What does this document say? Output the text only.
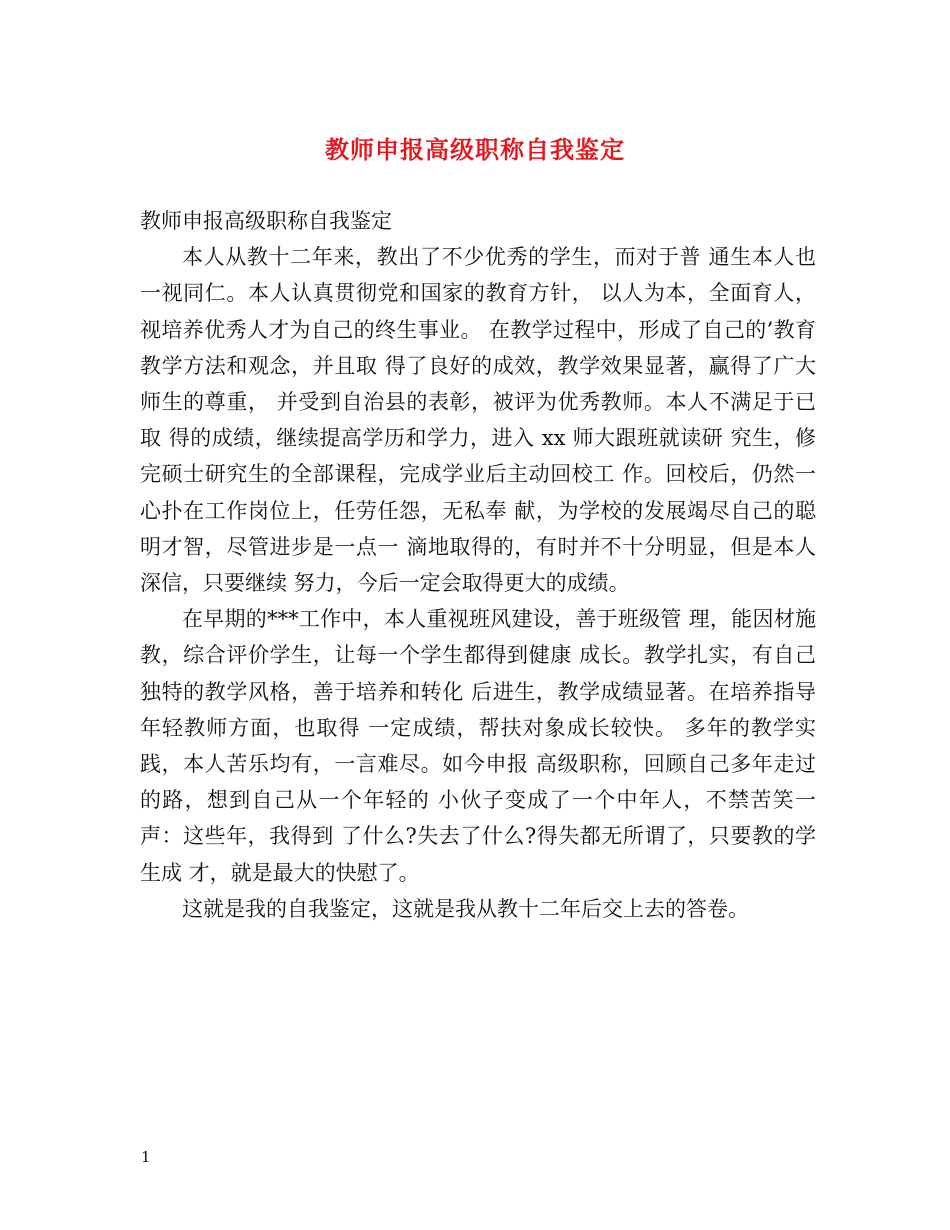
教师申报高级职称自我鉴定

教师申报高级职称自我鉴定

本人从教十二年来，教出了不少优秀的学生，而对于普 通生本人也一视同仁。本人认真贯彻党和国家的教育方针， 以人为本，全面育人，视培养优秀人才为自己的终生事业。 在教学过程中，形成了自己的’教育教学方法和观念，并且取 得了良好的成效，教学效果显著，赢得了广大师生的尊重， 并受到自治县的表彰，被评为优秀教师。本人不满足于已取 得的成绩，继续提高学历和学力，进入 xx 师大跟班就读研 究生，修完硕士研究生的全部课程，完成学业后主动回校工 作。回校后，仍然一心扑在工作岗位上，任劳任怨，无私奉 献，为学校的发展竭尽自己的聪明才智，尽管进步是一点一 滴地取得的，有时并不十分明显，但是本人深信，只要继续 努力，今后一定会取得更大的成绩。

在早期的***工作中，本人重视班风建设，善于班级管 理，能因材施教，综合评价学生，让每一个学生都得到健康 成长。教学扎实，有自己独特的教学风格，善于培养和转化 后进生，教学成绩显著。在培养指导年轻教师方面，也取得 一定成绩，帮扶对象成长较快。 多年的教学实践，本人苦乐均有，一言难尽。如今申报 高级职称，回顾自己多年走过的路，想到自己从一个年轻的 小伙子变成了一个中年人，不禁苦笑一声：这些年，我得到 了什么?失去了什么?得失都无所谓了，只要教的学生成 才，就是最大的快慰了。

这就是我的自我鉴定，这就是我从教十二年后交上去的答卷。

1
